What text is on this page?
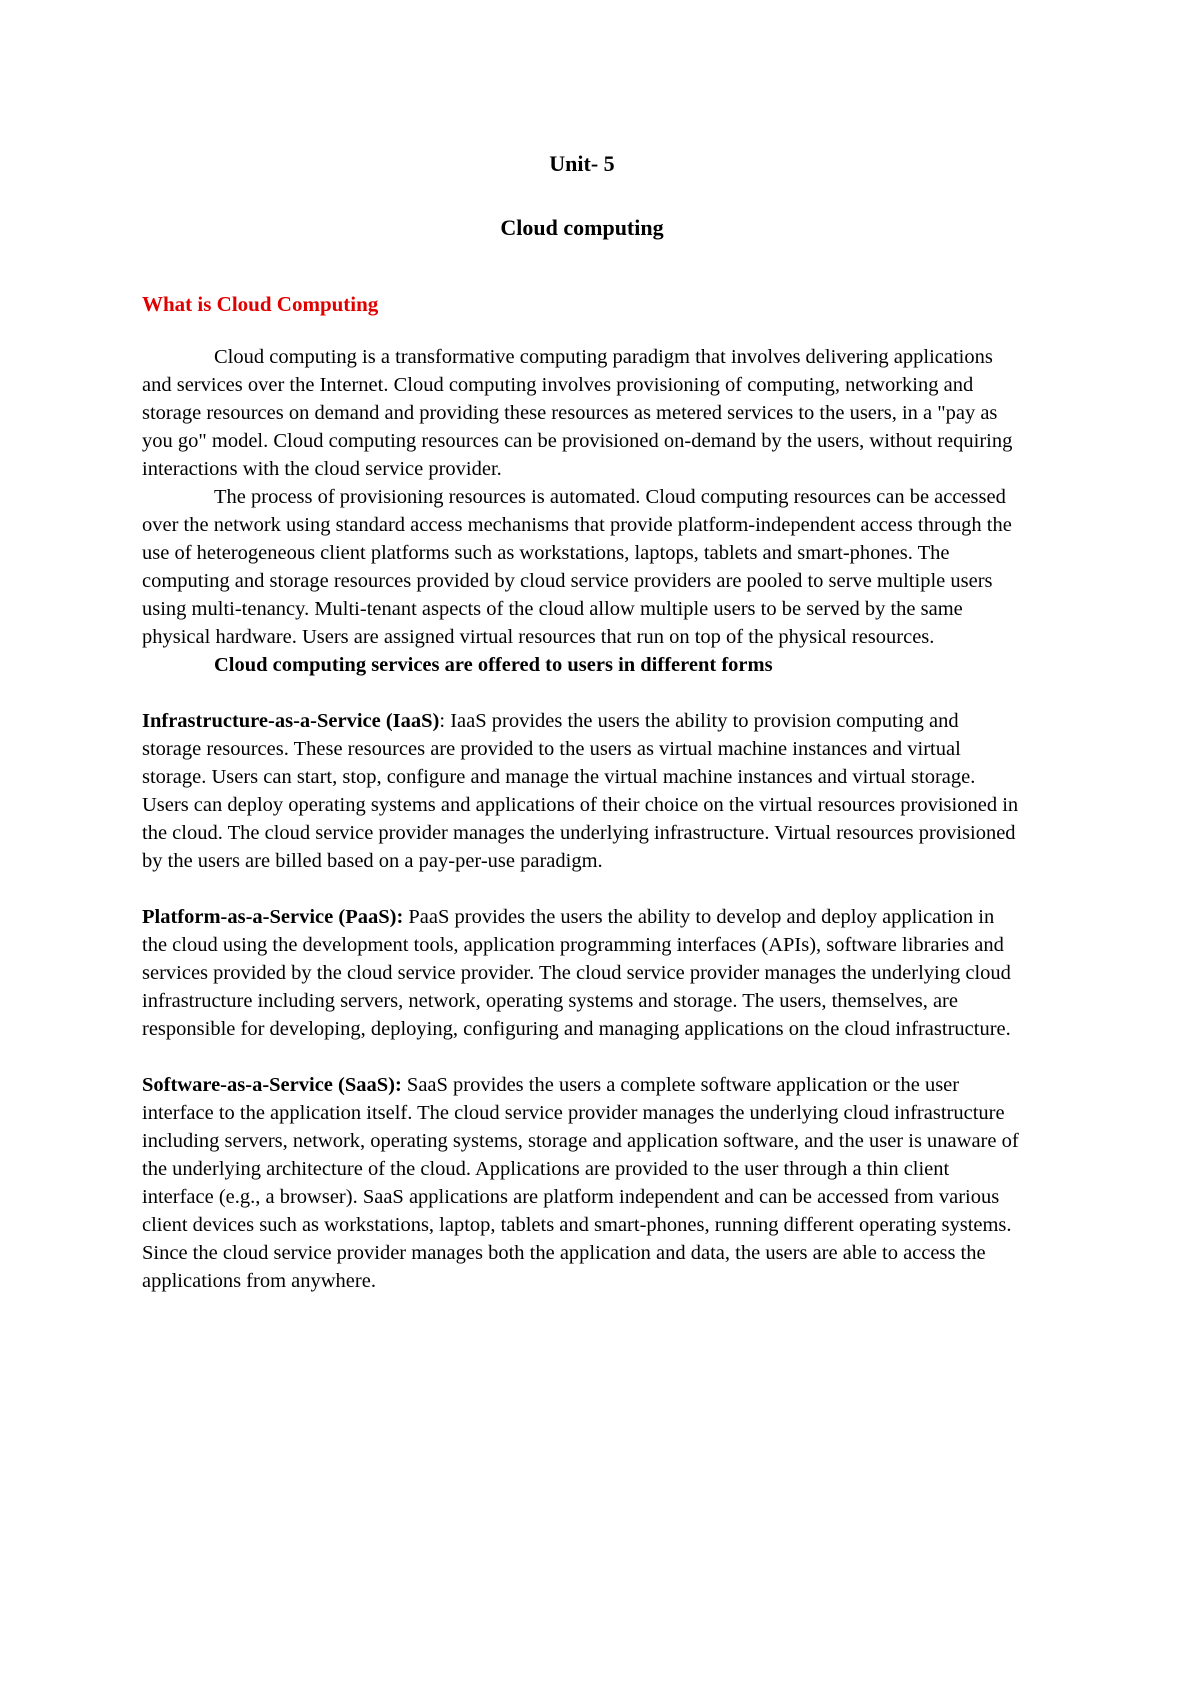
Unit- 5
Cloud computing
What is Cloud Computing

Cloud computing is a transformative computing paradigm that involves delivering applications and services over the Internet. Cloud computing involves provisioning of computing, networking and storage resources on demand and providing these resources as metered services to the users, in a "pay as you go" model. Cloud computing resources can be provisioned on-demand by the users, without requiring interactions with the cloud service provider.

The process of provisioning resources is automated. Cloud computing resources can be accessed over the network using standard access mechanisms that provide platform-independent access through the use of heterogeneous client platforms such as workstations, laptops, tablets and smart-phones. The computing and storage resources provided by cloud service providers are pooled to serve multiple users using multi-tenancy. Multi-tenant aspects of the cloud allow multiple users to be served by the same physical hardware. Users are assigned virtual resources that run on top of the physical resources.

Cloud computing services are offered to users in different forms

Infrastructure-as-a-Service (IaaS): IaaS provides the users the ability to provision computing and storage resources. These resources are provided to the users as virtual machine instances and virtual storage. Users can start, stop, configure and manage the virtual machine instances and virtual storage. Users can deploy operating systems and applications of their choice on the virtual resources provisioned in the cloud. The cloud service provider manages the underlying infrastructure. Virtual resources provisioned by the users are billed based on a pay-per-use paradigm.

Platform-as-a-Service (PaaS): PaaS provides the users the ability to develop and deploy application in the cloud using the development tools, application programming interfaces (APIs), software libraries and services provided by the cloud service provider. The cloud service provider manages the underlying cloud infrastructure including servers, network, operating systems and storage. The users, themselves, are responsible for developing, deploying, configuring and managing applications on the cloud infrastructure.

Software-as-a-Service (SaaS): SaaS provides the users a complete software application or the user interface to the application itself. The cloud service provider manages the underlying cloud infrastructure including servers, network, operating systems, storage and application software, and the user is unaware of the underlying architecture of the cloud. Applications are provided to the user through a thin client interface (e.g., a browser). SaaS applications are platform independent and can be accessed from various client devices such as workstations, laptop, tablets and smart-phones, running different operating systems. Since the cloud service provider manages both the application and data, the users are able to access the applications from anywhere.
